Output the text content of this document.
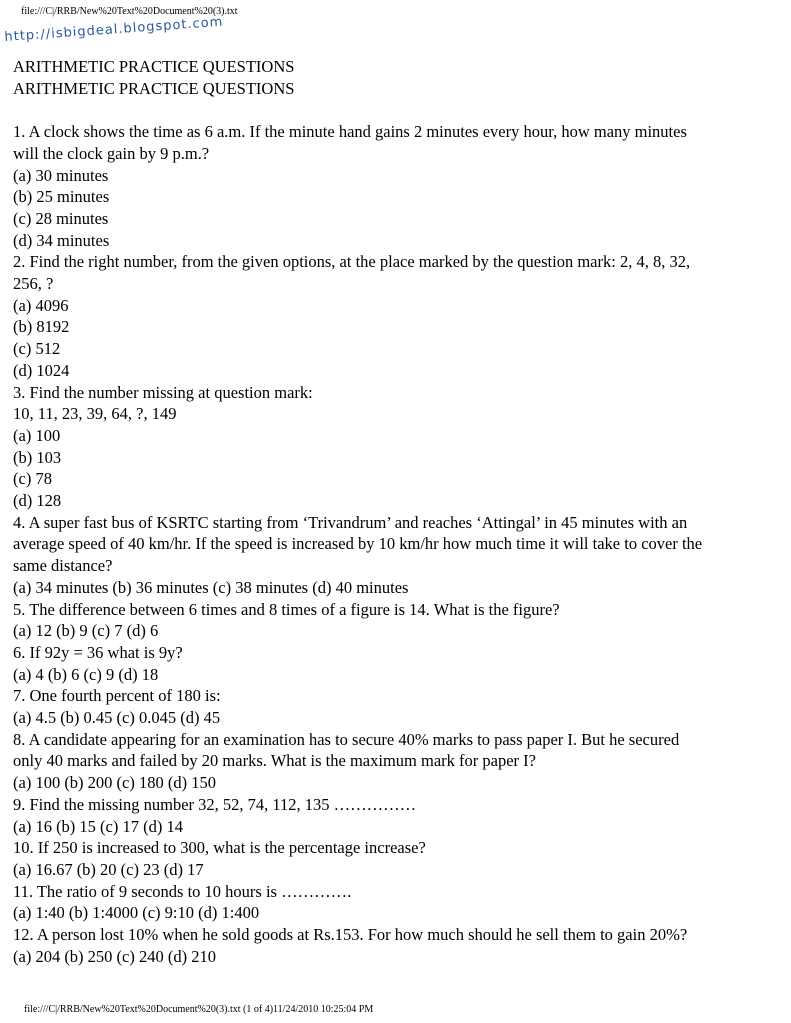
file:///C|/RRB/New%20Text%20Document%20(3).txt
http://isbigdeal.blogspot.com
ARITHMETIC PRACTICE QUESTIONS
ARITHMETIC PRACTICE QUESTIONS
1. A clock shows the time as 6 a.m. If the minute hand gains 2 minutes every hour, how many minutes
will the clock gain by 9 p.m.?
(a) 30 minutes
(b) 25 minutes
(c) 28 minutes
(d) 34 minutes
2. Find the right number, from the given options, at the place marked by the question mark: 2, 4, 8, 32,
256, ?
(a) 4096
(b) 8192
(c) 512
(d) 1024
3. Find the number missing at question mark:
10, 11, 23, 39, 64, ?, 149
(a) 100
(b) 103
(c) 78
(d) 128
4. A super fast bus of KSRTC starting from ‘Trivandrum’ and reaches ‘Attingal’ in 45 minutes with an
average speed of 40 km/hr. If the speed is increased by 10 km/hr how much time it will take to cover the
same distance?
(a) 34 minutes (b) 36 minutes (c) 38 minutes (d) 40 minutes
5. The difference between 6 times and 8 times of a figure is 14. What is the figure?
(a) 12 (b) 9 (c) 7 (d) 6
6. If 92y = 36 what is 9y?
(a) 4 (b) 6 (c) 9 (d) 18
7. One fourth percent of 180 is:
(a) 4.5 (b) 0.45 (c) 0.045 (d) 45
8. A candidate appearing for an examination has to secure 40% marks to pass paper I. But he secured
only 40 marks and failed by 20 marks. What is the maximum mark for paper I?
(a) 100 (b) 200 (c) 180 (d) 150
9. Find the missing number 32, 52, 74, 112, 135 ……………
(a) 16 (b) 15 (c) 17 (d) 14
10. If 250 is increased to 300, what is the percentage increase?
(a) 16.67 (b) 20 (c) 23 (d) 17
11. The ratio of 9 seconds to 10 hours is ………….
(a) 1:40 (b) 1:4000 (c) 9:10 (d) 1:400
12. A person lost 10% when he sold goods at Rs.153. For how much should he sell them to gain 20%?
(a) 204 (b) 250 (c) 240 (d) 210
file:///C|/RRB/New%20Text%20Document%20(3).txt (1 of 4)11/24/2010 10:25:04 PM
